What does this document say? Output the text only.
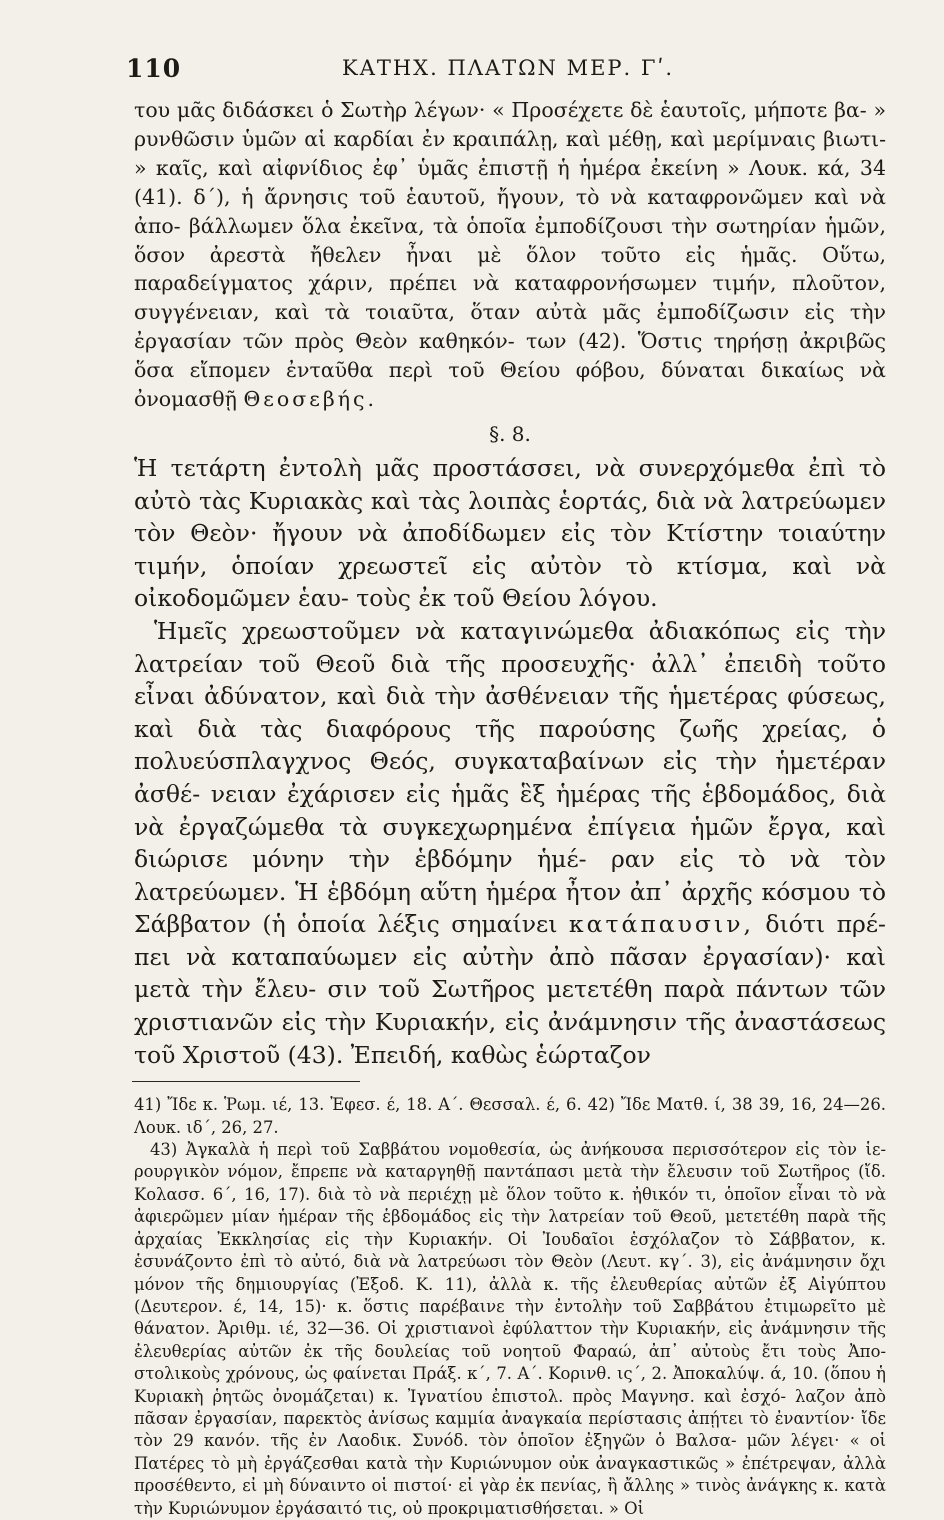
110	ΚΑΤΗΧ. ΠΛΑΤΩΝ ΜΕΡ. Γʹ.

του μᾶς διδάσκει ὁ Σωτὴρ λέγων· « Προσέχετε δὲ ἑαυτοῖς, μήποτε βα- » ρυνθῶσιν ὑμῶν αἱ καρδίαι ἐν κραιπάλῃ, καὶ μέθῃ, καὶ μερίμναις βιωτι- » καῖς, καὶ αἰφνίδιος ἐφ᾽ ὑμᾶς ἐπιστῇ ἡ ἡμέρα ἐκείνη » Λουκ. κά, 34 (41). δ΄), ἡ ἄρνησις τοῦ ἑαυτοῦ, ἤγουν, τὸ νὰ καταφρονῶμεν καὶ νὰ ἀπο- βάλλωμεν ὅλα ἐκεῖνα, τὰ ὁποῖα ἐμποδίζουσι τὴν σωτηρίαν ἡμῶν, ὅσον ἀρεστὰ ἤθελεν ἦναι μὲ ὅλον τοῦτο εἰς ἡμᾶς. Οὕτω, παραδείγματος χάριν, πρέπει νὰ καταφρονήσωμεν τιμήν, πλοῦτον, συγγένειαν, καὶ τὰ τοιαῦτα, ὅταν αὐτὰ μᾶς ἐμποδίζωσιν εἰς τὴν ἐργασίαν τῶν πρὸς Θεὸν καθηκόν- των (42). Ὅστις τηρήσῃ ἀκριβῶς ὅσα εἴπομεν ἐνταῦθα περὶ τοῦ Θείου φόβου, δύναται δικαίως νὰ ὀνομασθῇ Θεοσεβής.

§. 8.

Ἡ τετάρτη ἐντολὴ μᾶς προστάσσει, νὰ συνερχόμεθα ἐπὶ τὸ αὐτὸ τὰς Κυριακὰς καὶ τὰς λοιπὰς ἑορτάς, διὰ νὰ λατρεύωμεν τὸν Θεὸν· ἤγουν νὰ ἀποδίδωμεν εἰς τὸν Κτίστην τοιαύτην τιμήν, ὁποίαν χρεωστεῖ εἰς αὐτὸν τὸ κτίσμα, καὶ νὰ οἰκοδομῶμεν ἑαυ- τοὺς ἐκ τοῦ Θείου λόγου.

Ἡμεῖς χρεωστοῦμεν νὰ καταγινώμεθα ἀδιακόπως εἰς τὴν λατρείαν τοῦ Θεοῦ διὰ τῆς προσευχῆς· ἀλλ᾽ ἐπειδὴ τοῦτο εἶναι ἀδύνατον, καὶ διὰ τὴν ἀσθένειαν τῆς ἡμετέρας φύσεως, καὶ διὰ τὰς διαφόρους τῆς παρούσης ζωῆς χρείας, ὁ πολυεύσπλαγχνος Θεός, συγκαταβαίνων εἰς τὴν ἡμετέραν ἀσθέ- νειαν ἐχάρισεν εἰς ἡμᾶς ἓξ ἡμέρας τῆς ἑβδομάδος, διὰ νὰ ἐργαζώμεθα τὰ συγκεχωρημένα ἐπίγεια ἡμῶν ἔργα, καὶ διώρισε μόνην τὴν ἑβδόμην ἡμέ- ραν εἰς τὸ νὰ τὸν λατρεύωμεν. Ἡ ἑβδόμη αὕτη ἡμέρα ἦτον ἀπ᾽ ἀρχῆς κόσμου τὸ Σάββατον (ἡ ὁποία λέξις σημαίνει κατάπαυσιν, διότι πρέ- πει νὰ καταπαύωμεν εἰς αὐτὴν ἀπὸ πᾶσαν ἐργασίαν)· καὶ μετὰ τὴν ἔλευ- σιν τοῦ Σωτῆρος μετετέθη παρὰ πάντων τῶν χριστιανῶν εἰς τὴν Κυριακήν, εἰς ἀνάμνησιν τῆς ἀναστάσεως τοῦ Χριστοῦ (43). Ἐπειδή, καθὼς ἑώρταζον

41) Ἴδε κ. Ῥωμ. ιέ, 13. Ἐφεσ. έ, 18. Α΄. Θεσσαλ. έ, 6. 42) Ἴδε Ματθ. ί, 38 39, 16, 24—26. Λουκ. ιδ΄, 26, 27.

43) Ἀγκαλὰ ἡ περὶ τοῦ Σαββάτου νομοθεσία, ὡς ἀνήκουσα περισσότερον εἰς τὸν ἱε- ρουργικὸν νόμον, ἔπρεπε νὰ καταργηθῇ παντάπασι μετὰ τὴν ἔλευσιν τοῦ Σωτῆρος (ἴδ. Κολασσ. 6΄, 16, 17). διὰ τὸ νὰ περιέχῃ μὲ ὅλον τοῦτο κ. ἠθικόν τι, ὁποῖον εἶναι τὸ νὰ ἀφιερῶμεν μίαν ἡμέραν τῆς ἑβδομάδος εἰς τὴν λατρείαν τοῦ Θεοῦ, μετετέθη παρὰ τῆς ἀρχαίας Ἐκκλησίας εἰς τὴν Κυριακήν. Οἱ Ἰουδαῖοι ἑσχόλαζον τὸ Σάββατον, κ. ἑσυνάζοντο ἐπὶ τὸ αὐτό, διὰ νὰ λατρεύωσι τὸν Θεὸν (Λευτ. κγ΄. 3), εἰς ἀνάμνησιν ὄχι μόνον τῆς δημιουργίας (Ἐξοδ. Κ. 11), ἀλλὰ κ. τῆς ἐλευθερίας αὐτῶν ἐξ Αἰγύπτου (Δευτερον. έ, 14, 15)· κ. ὅστις παρέβαινε τὴν ἐντολὴν τοῦ Σαββάτου ἐτιμωρεῖτο μὲ θάνατον. Ἀριθμ. ιέ, 32—36. Οἱ χριστιανοὶ ἐφύλαττον τὴν Κυριακήν, εἰς ἀνάμνησιν τῆς ἐλευθερίας αὐτῶν ἐκ τῆς δουλείας τοῦ νοητοῦ Φαραώ, ἀπ᾽ αὐτοὺς ἔτι τοὺς Ἀπο- στολικοὺς χρόνους, ὡς φαίνεται Πράξ. κ΄, 7. Α΄. Κορινθ. ις΄, 2. Ἀποκαλύψ. ά, 10. (ὅπου ἡ Κυριακὴ ῥητῶς ὀνομάζεται) κ. Ἰγνατίου ἐπιστολ. πρὸς Μαγνησ. καὶ ἐσχό- λαζον ἀπὸ πᾶσαν ἐργασίαν, παρεκτὸς ἀνίσως καμμία ἀναγκαία περίστασις ἀπῄτει τὸ ἐναντίον· ἴδε τὸν 29 κανόν. τῆς ἐν Λαοδικ. Συνόδ. τὸν ὁποῖον ἐξηγῶν ὁ Βαλσα- μῶν λέγει· « οἱ Πατέρες τὸ μὴ ἐργάζεσθαι κατὰ τὴν Κυριώνυμον οὐκ ἀναγκαστικῶς » ἐπέτρεψαν, ἀλλὰ προσέθεντο, εἰ μὴ δύναιντο οἱ πιστοί· εἰ γὰρ ἐκ πενίας, ἢ ἄλλης » τινὸς ἀνάγκης κ. κατὰ τὴν Κυριώνυμον ἐργάσαιτό τις, οὐ προκριματισθήσεται. » Οἱ
